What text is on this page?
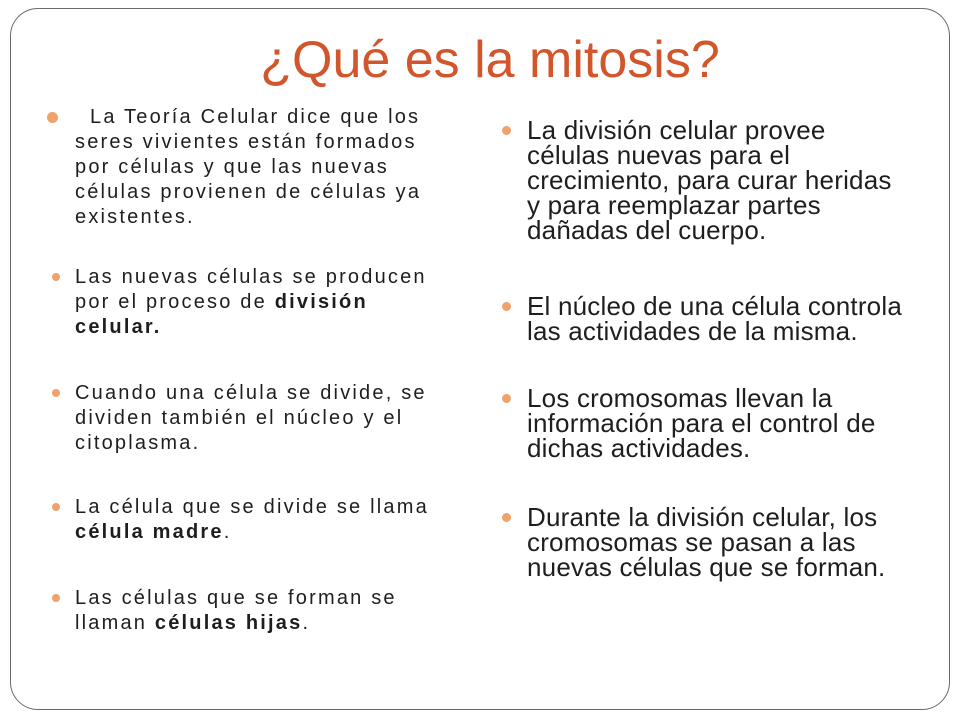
¿Qué es la mitosis?
La Teoría Celular dice que los
seres vivientes están formados
por células y que las nuevas
células provienen de células ya
existentes.
Las nuevas células se producen
por el proceso de división
celular.
Cuando una célula se divide, se
dividen también el núcleo y el
citoplasma.
La célula que se divide se llama
célula madre.
Las células que se forman se
llaman células hijas.
La división celular provee
células nuevas para el
crecimiento, para curar heridas
y para reemplazar partes
dañadas del cuerpo.
El núcleo de una célula controla
las actividades de la misma.
Los cromosomas llevan la
información para el control de
dichas actividades.
Durante la división celular, los
cromosomas se pasan a las
nuevas células que se forman.
